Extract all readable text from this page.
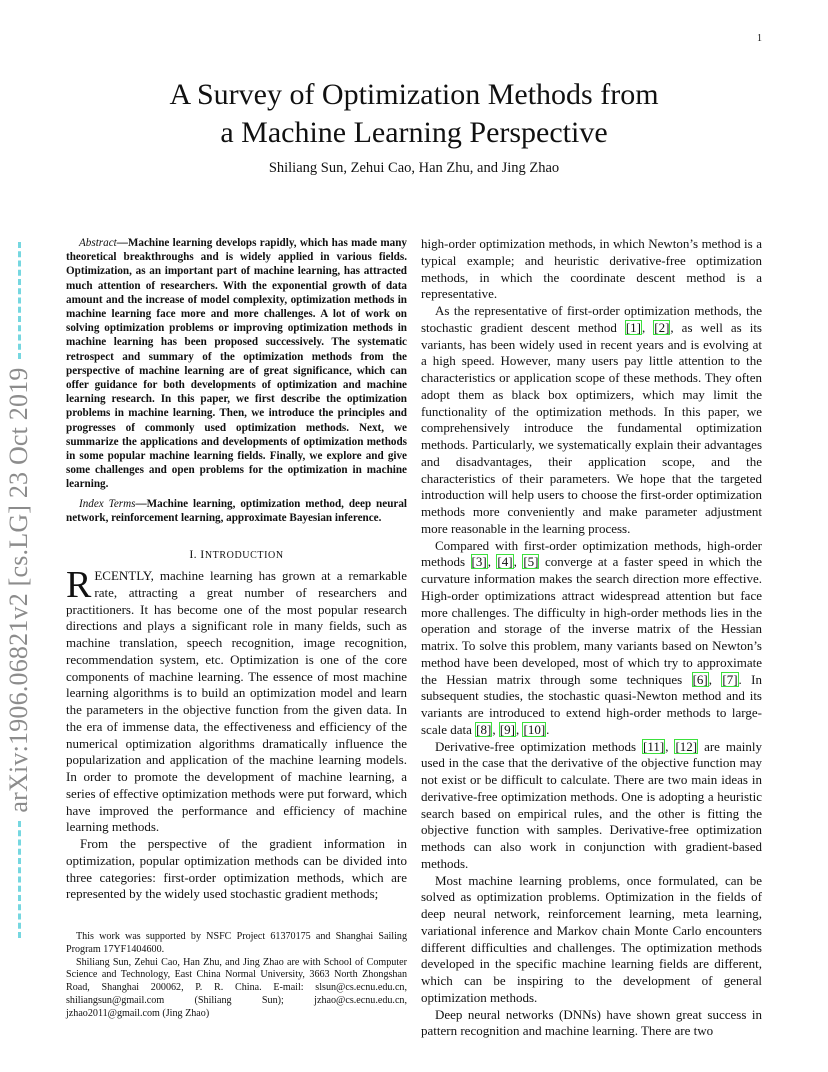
1
A Survey of Optimization Methods from
a Machine Learning Perspective
Shiliang Sun, Zehui Cao, Han Zhu, and Jing Zhao
arXiv:1906.06821v2 [cs.LG] 23 Oct 2019

Abstract—Machine learning develops rapidly, which has made many theoretical breakthroughs and is widely applied in various fields. Optimization, as an important part of machine learning, has attracted much attention of researchers. With the exponential growth of data amount and the increase of model complexity, optimization methods in machine learning face more and more challenges. A lot of work on solving optimization problems or improving optimization methods in machine learning has been proposed successively. The systematic retrospect and summary of the optimization methods from the perspective of machine learning are of great significance, which can offer guidance for both developments of optimization and machine learning research. In this paper, we first describe the optimization problems in machine learning. Then, we introduce the principles and progresses of commonly used optimization methods. Next, we summarize the applications and developments of optimization methods in some popular machine learning fields. Finally, we explore and give some challenges and open problems for the optimization in machine learning.

Index Terms—Machine learning, optimization method, deep neural network, reinforcement learning, approximate Bayesian inference.

I. INTRODUCTION

RECENTLY, machine learning has grown at a remarkable rate, attracting a great number of researchers and practitioners. It has become one of the most popular research directions and plays a significant role in many fields, such as machine translation, speech recognition, image recognition, recommendation system, etc. Optimization is one of the core components of machine learning. The essence of most machine learning algorithms is to build an optimization model and learn the parameters in the objective function from the given data. In the era of immense data, the effectiveness and efficiency of the numerical optimization algorithms dramatically influence the popularization and application of the machine learning models. In order to promote the development of machine learning, a series of effective optimization methods were put forward, which have improved the performance and efficiency of machine learning methods.

From the perspective of the gradient information in optimization, popular optimization methods can be divided into three categories: first-order optimization methods, which are represented by the widely used stochastic gradient methods;

This work was supported by NSFC Project 61370175 and Shanghai Sailing Program 17YF1404600.

Shiliang Sun, Zehui Cao, Han Zhu, and Jing Zhao are with School of Computer Science and Technology, East China Normal University, 3663 North Zhongshan Road, Shanghai 200062, P. R. China. E-mail: slsun@cs.ecnu.edu.cn, shiliangsun@gmail.com (Shiliang Sun); jzhao@cs.ecnu.edu.cn, jzhao2011@gmail.com (Jing Zhao)

high-order optimization methods, in which Newton’s method is a typical example; and heuristic derivative-free optimization methods, in which the coordinate descent method is a representative.

As the representative of first-order optimization methods, the stochastic gradient descent method [1], [2], as well as its variants, has been widely used in recent years and is evolving at a high speed. However, many users pay little attention to the characteristics or application scope of these methods. They often adopt them as black box optimizers, which may limit the functionality of the optimization methods. In this paper, we comprehensively introduce the fundamental optimization methods. Particularly, we systematically explain their advantages and disadvantages, their application scope, and the characteristics of their parameters. We hope that the targeted introduction will help users to choose the first-order optimization methods more conveniently and make parameter adjustment more reasonable in the learning process.

Compared with first-order optimization methods, high-order methods [3], [4], [5] converge at a faster speed in which the curvature information makes the search direction more effective. High-order optimizations attract widespread attention but face more challenges. The difficulty in high-order methods lies in the operation and storage of the inverse matrix of the Hessian matrix. To solve this problem, many variants based on Newton’s method have been developed, most of which try to approximate the Hessian matrix through some techniques [6], [7]. In subsequent studies, the stochastic quasi-Newton method and its variants are introduced to extend high-order methods to large-scale data [8], [9], [10].

Derivative-free optimization methods [11], [12] are mainly used in the case that the derivative of the objective function may not exist or be difficult to calculate. There are two main ideas in derivative-free optimization methods. One is adopting a heuristic search based on empirical rules, and the other is fitting the objective function with samples. Derivative-free optimization methods can also work in conjunction with gradient-based methods.

Most machine learning problems, once formulated, can be solved as optimization problems. Optimization in the fields of deep neural network, reinforcement learning, meta learning, variational inference and Markov chain Monte Carlo encounters different difficulties and challenges. The optimization methods developed in the specific machine learning fields are different, which can be inspiring to the development of general optimization methods.

Deep neural networks (DNNs) have shown great success in pattern recognition and machine learning. There are two
